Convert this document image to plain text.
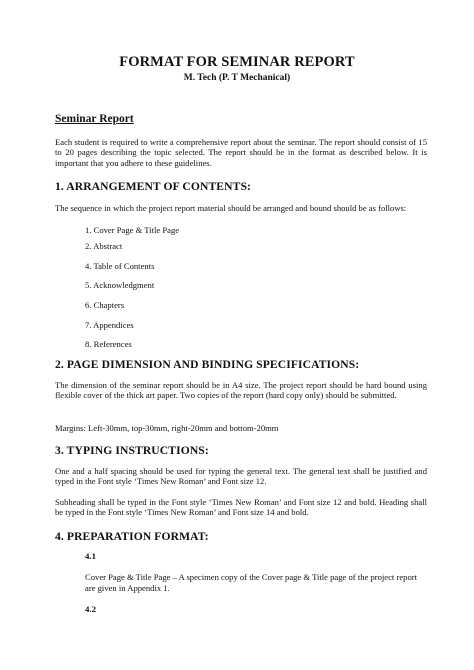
FORMAT FOR SEMINAR REPORT
M. Tech (P. T Mechanical)
Seminar Report
Each student is required to write a comprehensive report about the seminar. The report should consist of 15 to 20 pages describing the topic selected. The report should be in the format as described below. It is important that you adhere to these guidelines.
1. ARRANGEMENT OF CONTENTS:
The sequence in which the project report material should be arranged and bound should be as follows:
1. Cover Page & Title Page
2. Abstract
4. Table of Contents
5. Acknowledgment
6. Chapters
7. Appendices
8. References
2. PAGE DIMENSION AND BINDING SPECIFICATIONS:
The dimension of the seminar report should be in A4 size. The project report should be hard bound using flexible cover of the thick art paper. Two copies of the report (hard copy only) should be submitted.
Margins: Left-30mm, top-30mm, right-20mm and bottom-20mm
3. TYPING INSTRUCTIONS:
One and a half spacing should be used for typing the general text. The general text shall be justified and typed in the Font style ‘Times New Roman’ and Font size 12.
Subheading shall be typed in the Font style ‘Times New Roman’ and Font size 12 and bold. Heading shall be typed in the Font style ‘Times New Roman’ and Font size 14 and bold.
4. PREPARATION FORMAT:
4.1
Cover Page & Title Page – A specimen copy of the Cover page & Title page of the project report are given in Appendix 1.
4.2
